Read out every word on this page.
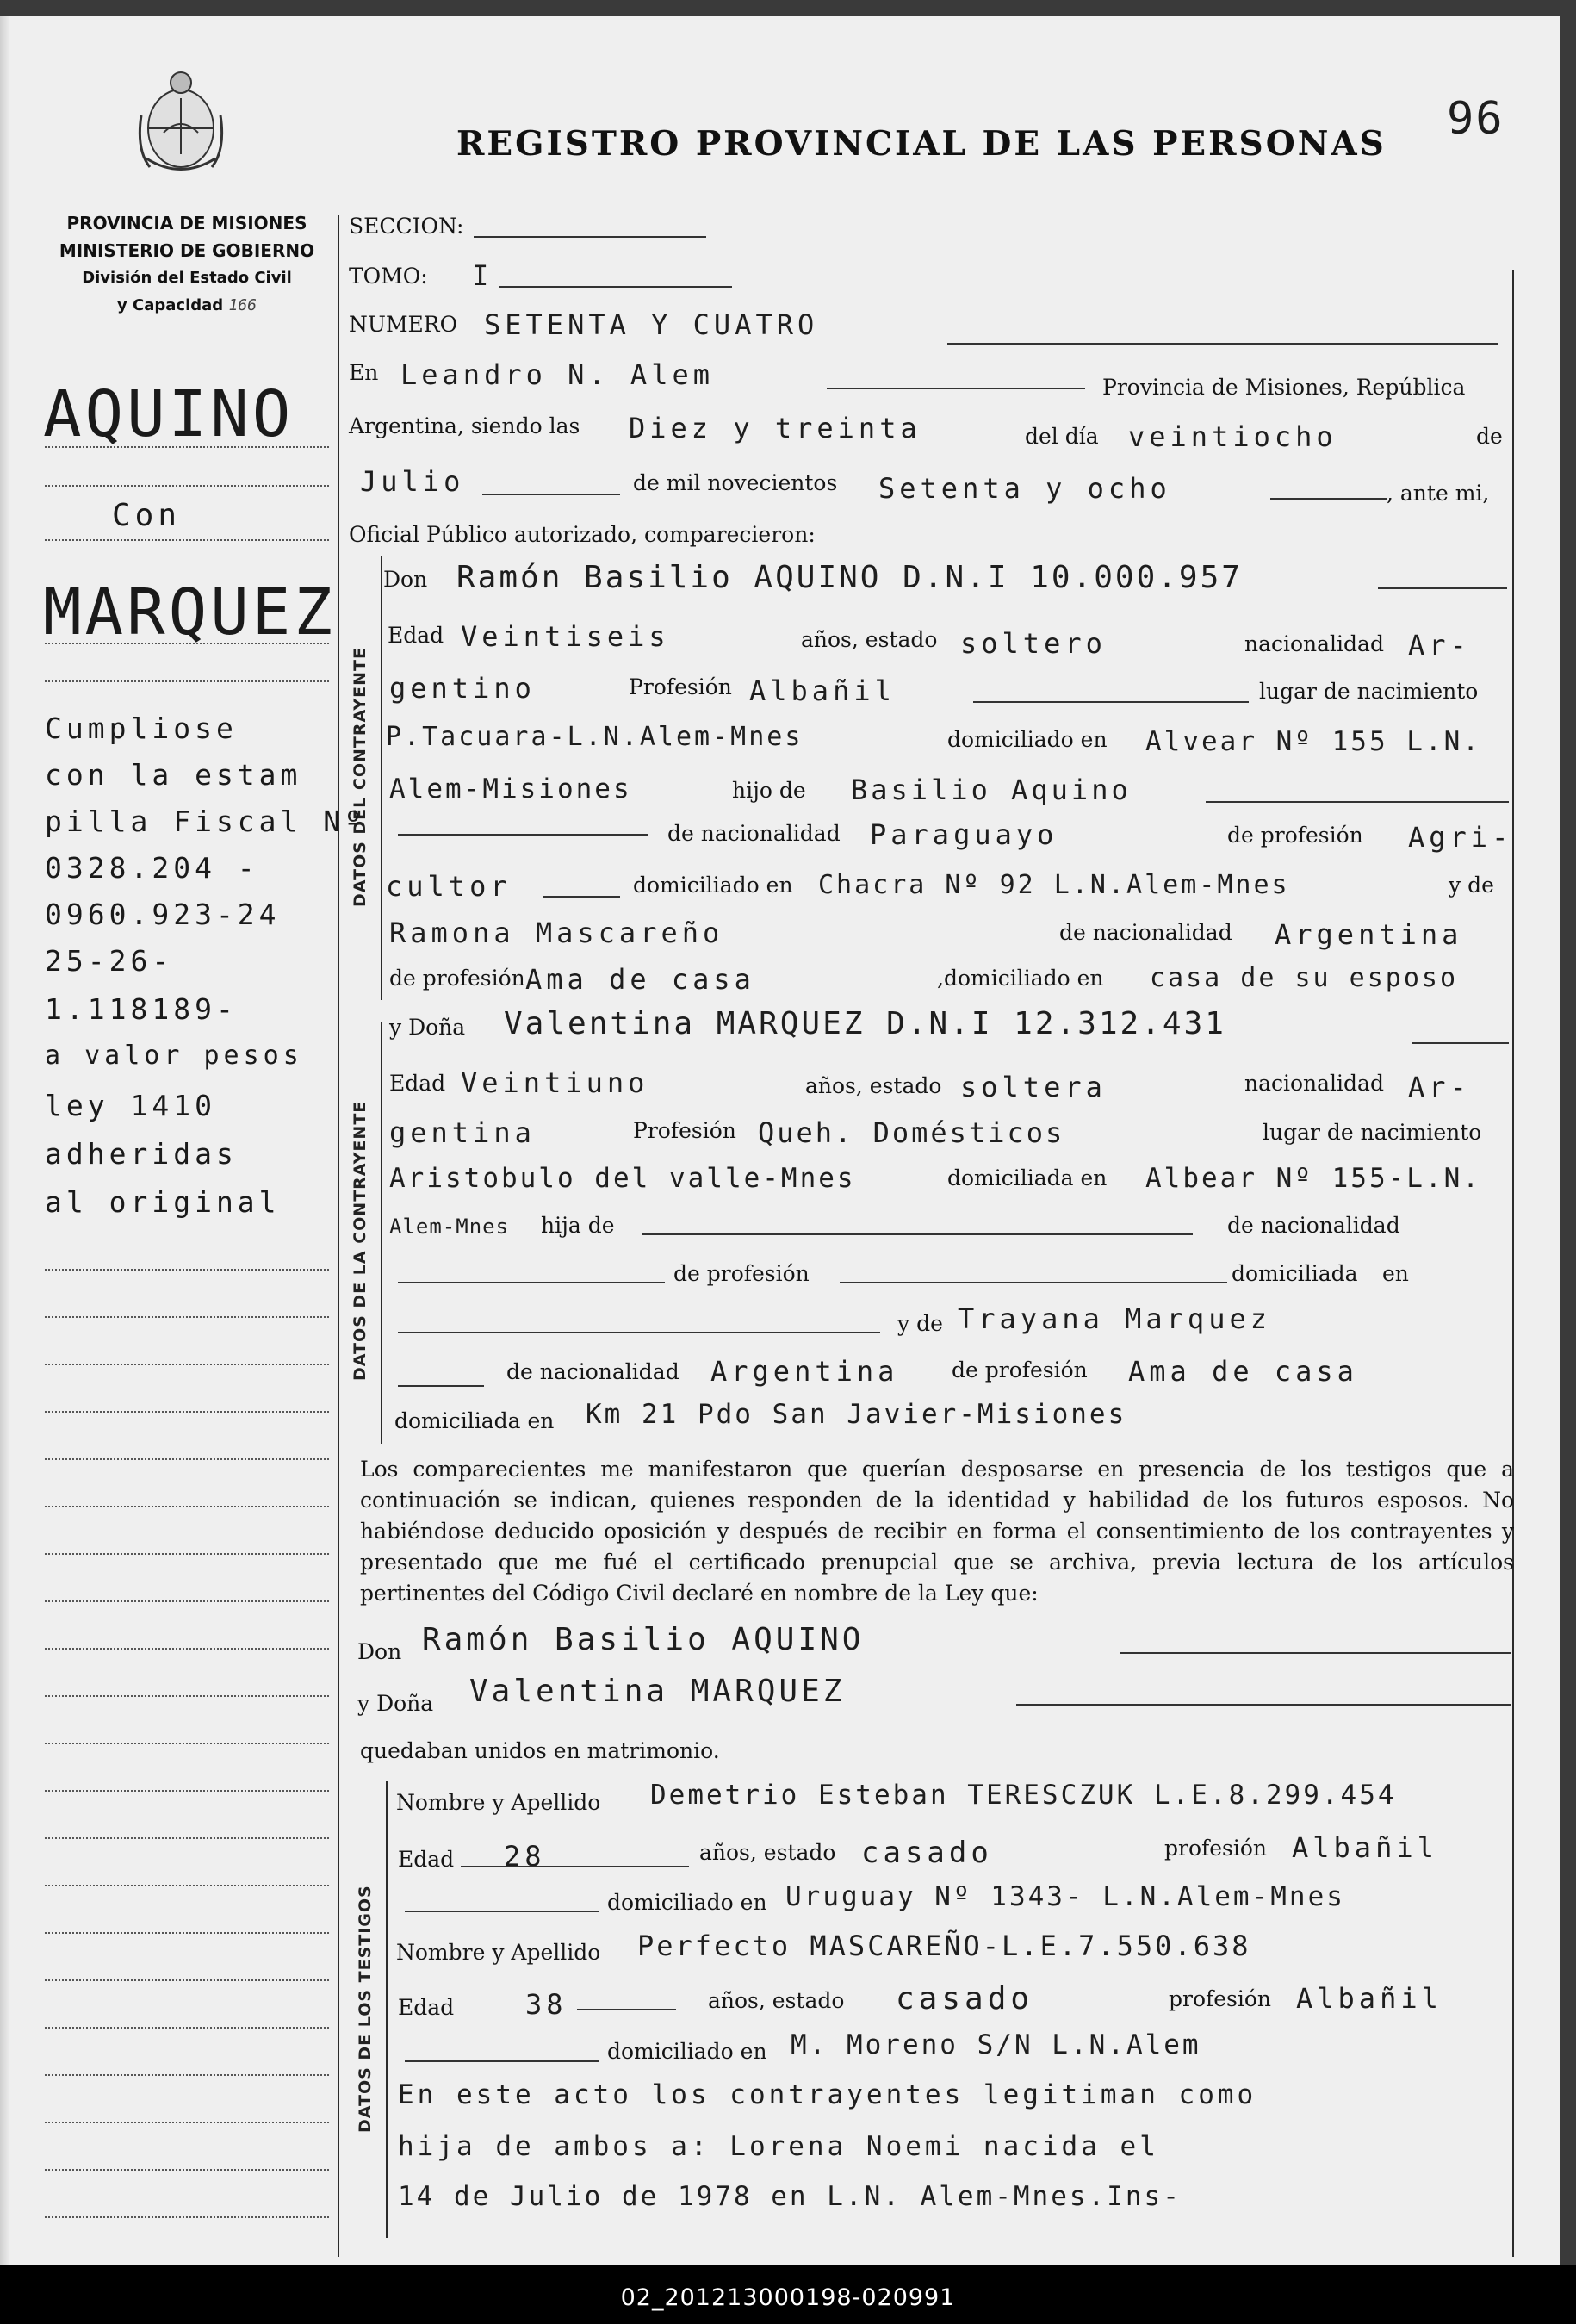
PROVINCIA DE MISIONES
MINISTERIO DE GOBIERNO
División del Estado Civil
y Capacidad 166
REGISTRO PROVINCIAL DE LAS PERSONAS 96
DATOS DEL CONTRAYENTE
DATOS DE LA CONTRAYENTE
DATOS DE LOS TESTIGOS
AQUINO
Con
MARQUEZ
Cumpliose
con la estam
pilla Fiscal Nº
0328.204 -
0960.923-24
25-26-
1.118189-
a valor pesos
ley 1410
adheridas
al original
SECCION:
TOMO: I
NUMERO SETENTA Y CUATRO
En Leandro N. Alem	Provincia de Misiones, República
Argentina, siendo las Diez y treinta	del día veintiocho	de
Julio	de mil novecientos Setenta y ocho	, ante mi,
Oficial Público autorizado, comparecieron:
Don Ramón Basilio AQUINO D.N.I 10.000.957
Edad Veintiseis	años, estado soltero	nacionalidad Ar-
gentino	Profesión Albañil	lugar de nacimiento
P.Tacuara-L.N.Alem-Mnes	domiciliado en Alvear Nº 155 L.N.
Alem-Misiones	hijo de Basilio Aquino
de nacionalidad Paraguayo	de profesión Agri-
cultor	domiciliado en Chacra Nº 92 L.N.Alem-Mnes	y de
Ramona Mascareño	de nacionalidad Argentina
de profesión Ama de casa	,domiciliado en casa de su esposo
y Doña Valentina MARQUEZ D.N.I 12.312.431
Edad Veintiuno	años, estado soltera	nacionalidad Ar-
gentina	Profesión Queh. Domésticos	lugar de nacimiento
Aristobulo del valle-Mnes	domiciliada en Albear Nº 155-L.N.
Alem-Mnes hija de	de nacionalidad
de profesión	domiciliada en
y de Trayana Marquez
de nacionalidad Argentina de profesión Ama de casa
domiciliada en Km 21 Pdo San Javier-Misiones
Los comparecientes me manifestaron que querían desposarse en presencia de los testigos que a continuación se indican, quienes responden de la identidad y habilidad de los futuros esposos. No habiéndose deducido oposición y después de recibir en forma el consentimiento de los contrayentes y presentado que me fué el certificado prenupcial que se archiva, previa lectura de los artículos pertinentes del Código Civil declaré en nombre de la Ley que:
Don Ramón Basilio AQUINO
y Doña Valentina MARQUEZ
quedaban unidos en matrimonio.
Nombre y Apellido Demetrio Esteban TERESCZUK L.E.8.299.454
Edad 28	años, estado casado	profesión Albañil
domiciliado en Uruguay Nº 1343- L.N.Alem-Mnes
Nombre y Apellido Perfecto MASCAREÑO-L.E.7.550.638
Edad	38	años, estado casado	profesión Albañil
domiciliado en M. Moreno S/N L.N.Alem
En este acto los contrayentes legitiman como
hija de ambos a: Lorena Noemi nacida el
14 de Julio de 1978 en L.N. Alem-Mnes.Ins-
02_201213000198-020991
